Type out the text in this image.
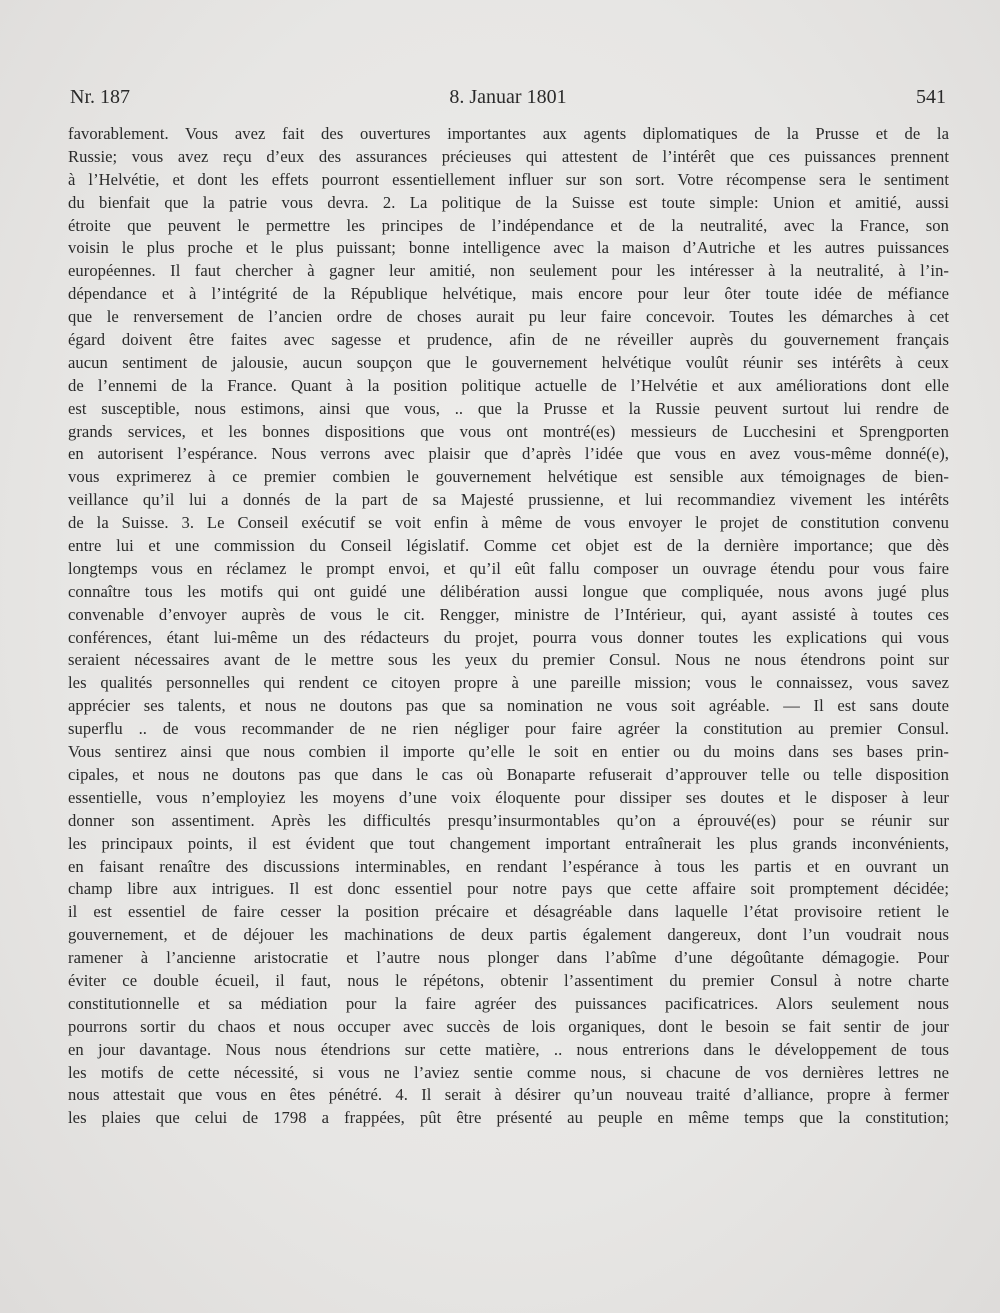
Nr. 187	8. Januar 1801	541
favorablement. Vous avez fait des ouvertures importantes aux agents diplomatiques de la Prusse et de la
Russie; vous avez reçu d’eux des assurances précieuses qui attestent de l’intérêt que ces puissances prennent
à l’Helvétie, et dont les effets pourront essentiellement influer sur son sort. Votre récompense sera le sentiment
du bienfait que la patrie vous devra. 2. La politique de la Suisse est toute simple: Union et amitié, aussi
étroite que peuvent le permettre les principes de l’indépendance et de la neutralité, avec la France, son
voisin le plus proche et le plus puissant; bonne intelligence avec la maison d’Autriche et les autres puissances
européennes. Il faut chercher à gagner leur amitié, non seulement pour les intéresser à la neutralité, à l’in-
dépendance et à l’intégrité de la République helvétique, mais encore pour leur ôter toute idée de méfiance
que le renversement de l’ancien ordre de choses aurait pu leur faire concevoir. Toutes les démarches à cet
égard doivent être faites avec sagesse et prudence, afin de ne réveiller auprès du gouvernement français
aucun sentiment de jalousie, aucun soupçon que le gouvernement helvétique voulût réunir ses intérêts à ceux
de l’ennemi de la France. Quant à la position politique actuelle de l’Helvétie et aux améliorations dont elle
est susceptible, nous estimons, ainsi que vous, .. que la Prusse et la Russie peuvent surtout lui rendre de
grands services, et les bonnes dispositions que vous ont montré(es) messieurs de Lucchesini et Sprengporten
en autorisent l’espérance. Nous verrons avec plaisir que d’après l’idée que vous en avez vous-même donné(e),
vous exprimerez à ce premier combien le gouvernement helvétique est sensible aux témoignages de bien-
veillance qu’il lui a donnés de la part de sa Majesté prussienne, et lui recommandiez vivement les intérêts
de la Suisse. 3. Le Conseil exécutif se voit enfin à même de vous envoyer le projet de constitution convenu
entre lui et une commission du Conseil législatif. Comme cet objet est de la dernière importance; que dès
longtemps vous en réclamez le prompt envoi, et qu’il eût fallu composer un ouvrage étendu pour vous faire
connaître tous les motifs qui ont guidé une délibération aussi longue que compliquée, nous avons jugé plus
convenable d’envoyer auprès de vous le cit. Rengger, ministre de l’Intérieur, qui, ayant assisté à toutes ces
conférences, étant lui-même un des rédacteurs du projet, pourra vous donner toutes les explications qui vous
seraient nécessaires avant de le mettre sous les yeux du premier Consul. Nous ne nous étendrons point sur
les qualités personnelles qui rendent ce citoyen propre à une pareille mission; vous le connaissez, vous savez
apprécier ses talents, et nous ne doutons pas que sa nomination ne vous soit agréable. — Il est sans doute
superflu .. de vous recommander de ne rien négliger pour faire agréer la constitution au premier Consul.
Vous sentirez ainsi que nous combien il importe qu’elle le soit en entier ou du moins dans ses bases prin-
cipales, et nous ne doutons pas que dans le cas où Bonaparte refuserait d’approuver telle ou telle disposition
essentielle, vous n’employiez les moyens d’une voix éloquente pour dissiper ses doutes et le disposer à leur
donner son assentiment. Après les difficultés presqu’insurmontables qu’on a éprouvé(es) pour se réunir sur
les principaux points, il est évident que tout changement important entraînerait les plus grands inconvénients,
en faisant renaître des discussions interminables, en rendant l’espérance à tous les partis et en ouvrant un
champ libre aux intrigues. Il est donc essentiel pour notre pays que cette affaire soit promptement décidée;
il est essentiel de faire cesser la position précaire et désagréable dans laquelle l’état provisoire retient le
gouvernement, et de déjouer les machinations de deux partis également dangereux, dont l’un voudrait nous
ramener à l’ancienne aristocratie et l’autre nous plonger dans l’abîme d’une dégoûtante démagogie. Pour
éviter ce double écueil, il faut, nous le répétons, obtenir l’assentiment du premier Consul à notre charte
constitutionnelle et sa médiation pour la faire agréer des puissances pacificatrices. Alors seulement nous
pourrons sortir du chaos et nous occuper avec succès de lois organiques, dont le besoin se fait sentir de jour
en jour davantage. Nous nous étendrions sur cette matière, .. nous entrerions dans le développement de tous
les motifs de cette nécessité, si vous ne l’aviez sentie comme nous, si chacune de vos dernières lettres ne
nous attestait que vous en êtes pénétré. 4. Il serait à désirer qu’un nouveau traité d’alliance, propre à fermer
les plaies que celui de 1798 a frappées, pût être présenté au peuple en même temps que la constitution;
